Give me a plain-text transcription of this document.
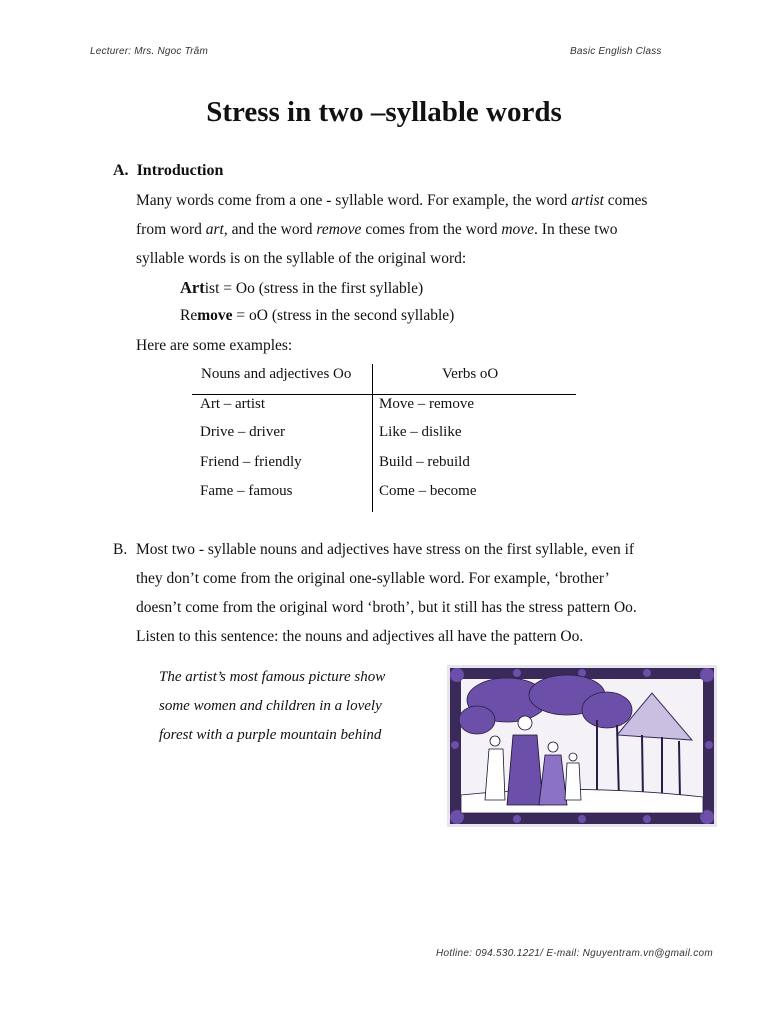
Lecturer: Mrs. Ngoc Trâm	Basic English Class
Stress in two –syllable words
A. Introduction
Many words come from a one - syllable word. For example, the word artist comes
from word art, and the word remove comes from the word move. In these two
syllable words is on the syllable of the original word:
Artist = Oo (stress in the first syllable)
Remove = oO (stress in the second syllable)
Here are some examples:
Nouns and adjectives Oo	Verbs oO
Art – artist	Move – remove
Drive – driver	Like – dislike
Friend – friendly	Build – rebuild
Fame – famous	Come – become
B. Most two - syllable nouns and adjectives have stress on the first syllable, even if
they don’t come from the original one-syllable word. For example, ‘brother’
doesn’t come from the original word ‘broth’, but it still has the stress pattern Oo.
Listen to this sentence: the nouns and adjectives all have the pattern Oo.
The artist’s most famous picture show
some women and children in a lovely
forest with a purple mountain behind
Hotline: 094.530.1221/ E-mail: Nguyentram.vn@gmail.com
